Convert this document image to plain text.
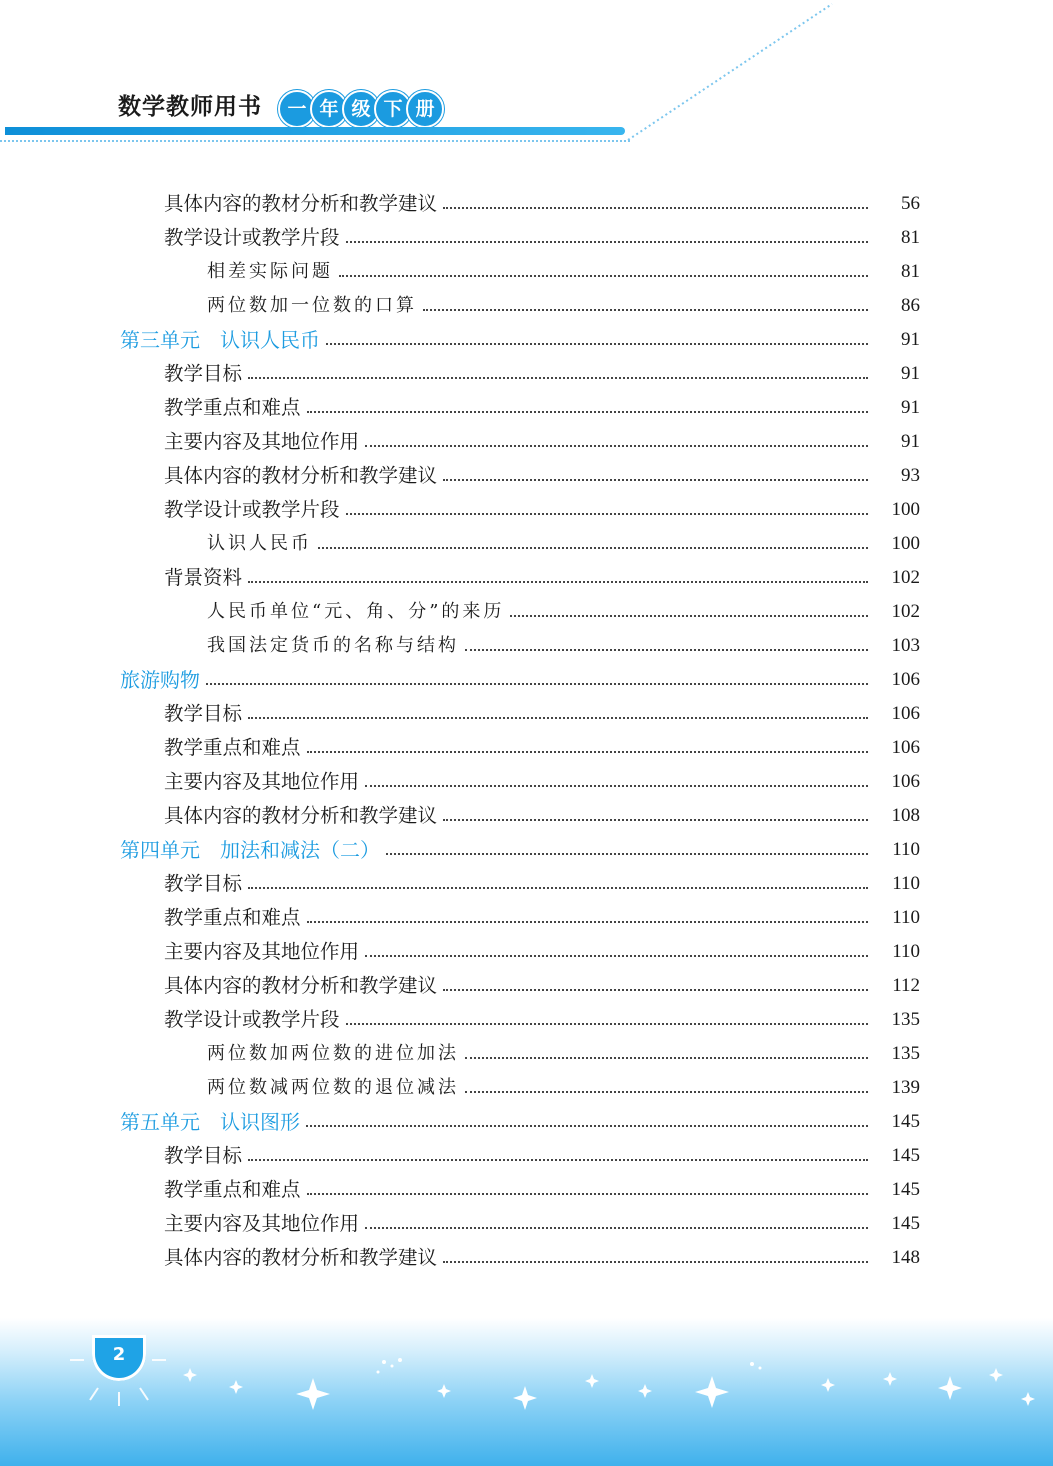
数学教师用书	一 年 级 下 册
具体内容的教材分析和教学建议	56
教学设计或教学片段	81
相差实际问题	81
两位数加一位数的口算	86
第三单元　认识人民币	91
教学目标	91
教学重点和难点	91
主要内容及其地位作用	91
具体内容的教材分析和教学建议	93
教学设计或教学片段	100
认识人民币	100
背景资料	102
人民币单位“元、角、分”的来历	102
我国法定货币的名称与结构	103
旅游购物	106
教学目标	106
教学重点和难点	106
主要内容及其地位作用	106
具体内容的教材分析和教学建议	108
第四单元　加法和减法（二）	110
教学目标	110
教学重点和难点	110
主要内容及其地位作用	110
具体内容的教材分析和教学建议	112
教学设计或教学片段	135
两位数加两位数的进位加法	135
两位数减两位数的退位减法	139
第五单元　认识图形	145
教学目标	145
教学重点和难点	145
主要内容及其地位作用	145
具体内容的教材分析和教学建议	148
2
